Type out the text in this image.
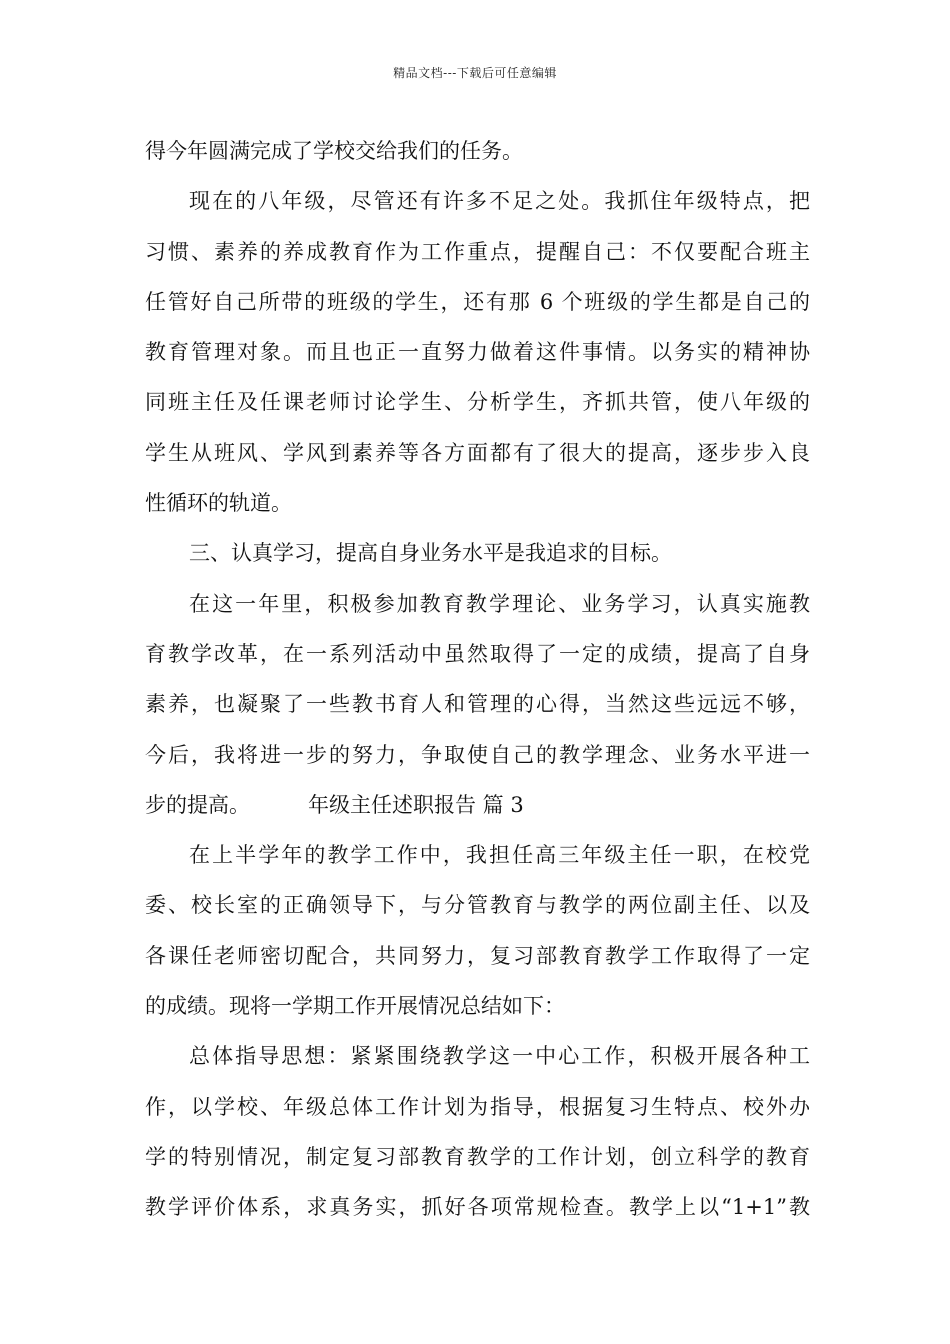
精品文档---下载后可任意编辑
得今年圆满完成了学校交给我们的任务。
现在的八年级，尽管还有许多不足之处。我抓住年级特点，把
习惯、素养的养成教育作为工作重点，提醒自己：不仅要配合班主
任管好自己所带的班级的学生，还有那 6 个班级的学生都是自己的
教育管理对象。而且也正一直努力做着这件事情。以务实的精神协
同班主任及任课老师讨论学生、分析学生，齐抓共管，使八年级的
学生从班风、学风到素养等各方面都有了很大的提高，逐步步入良
性循环的轨道。
三、认真学习，提高自身业务水平是我追求的目标。
在这一年里，积极参加教育教学理论、业务学习，认真实施教
育教学改革，在一系列活动中虽然取得了一定的成绩，提高了自身
素养，也凝聚了一些教书育人和管理的心得，当然这些远远不够，
今后，我将进一步的努力，争取使自己的教学理念、业务水平进一
步的提高。	年级主任述职报告 篇 3
在上半学年的教学工作中，我担任高三年级主任一职，在校党
委、校长室的正确领导下，与分管教育与教学的两位副主任、以及
各课任老师密切配合，共同努力，复习部教育教学工作取得了一定
的成绩。现将一学期工作开展情况总结如下：
总体指导思想：紧紧围绕教学这一中心工作，积极开展各种工
作，以学校、年级总体工作计划为指导，根据复习生特点、校外办
学的特别情况，制定复习部教育教学的工作计划，创立科学的教育
教学评价体系，求真务实，抓好各项常规检查。教学上以“1+1”教
